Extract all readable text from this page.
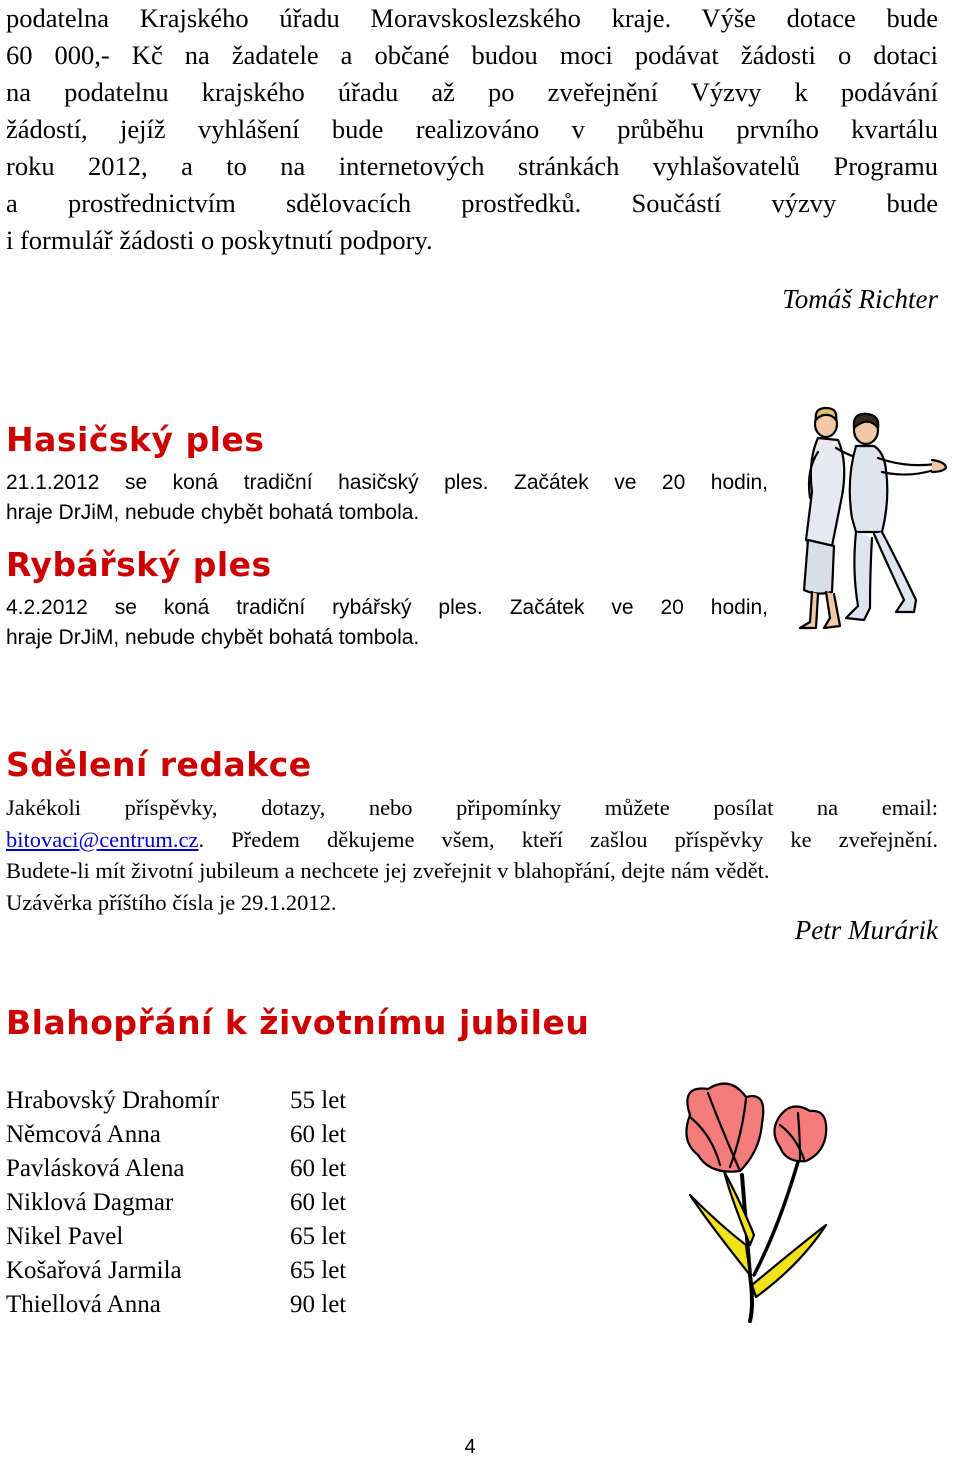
podatelna Krajského úřadu Moravskoslezského kraje. Výše dotace bude
60 000,- Kč na žadatele a občané budou moci podávat žádosti o dotaci
na podatelnu krajského úřadu až po zveřejnění Výzvy k podávání
žádostí, jejíž vyhlášení bude realizováno v průběhu prvního kvartálu
roku 2012, a to na internetových stránkách vyhlašovatelů Programu
a prostřednictvím sdělovacích prostředků. Součástí výzvy bude
i formulář žádosti o poskytnutí podpory.
Tomáš Richter
Hasičský ples
21.1.2012 se koná tradiční hasičský ples. Začátek ve 20 hodin,
hraje DrJiM, nebude chybět bohatá tombola.
Rybářský ples
4.2.2012 se koná tradiční rybářský ples. Začátek ve 20 hodin,
hraje DrJiM, nebude chybět bohatá tombola.
Sdělení redakce
Jakékoli příspěvky, dotazy, nebo připomínky můžete posílat na email:
bitovaci@centrum.cz. Předem děkujeme všem, kteří zašlou příspěvky ke zveřejnění.
Budete-li mít životní jubileum a nechcete jej zveřejnit v blahopřání, dejte nám vědět.
Uzávěrka příštího čísla je 29.1.2012.
Petr Murárik
Blahopřání k životnímu jubileu
Hrabovský Drahomír	55 let
Němcová Anna	60 let
Pavlásková Alena	60 let
Niklová Dagmar	60 let
Nikel Pavel	65 let
Košařová Jarmila	65 let
Thiellová Anna	90 let
4
